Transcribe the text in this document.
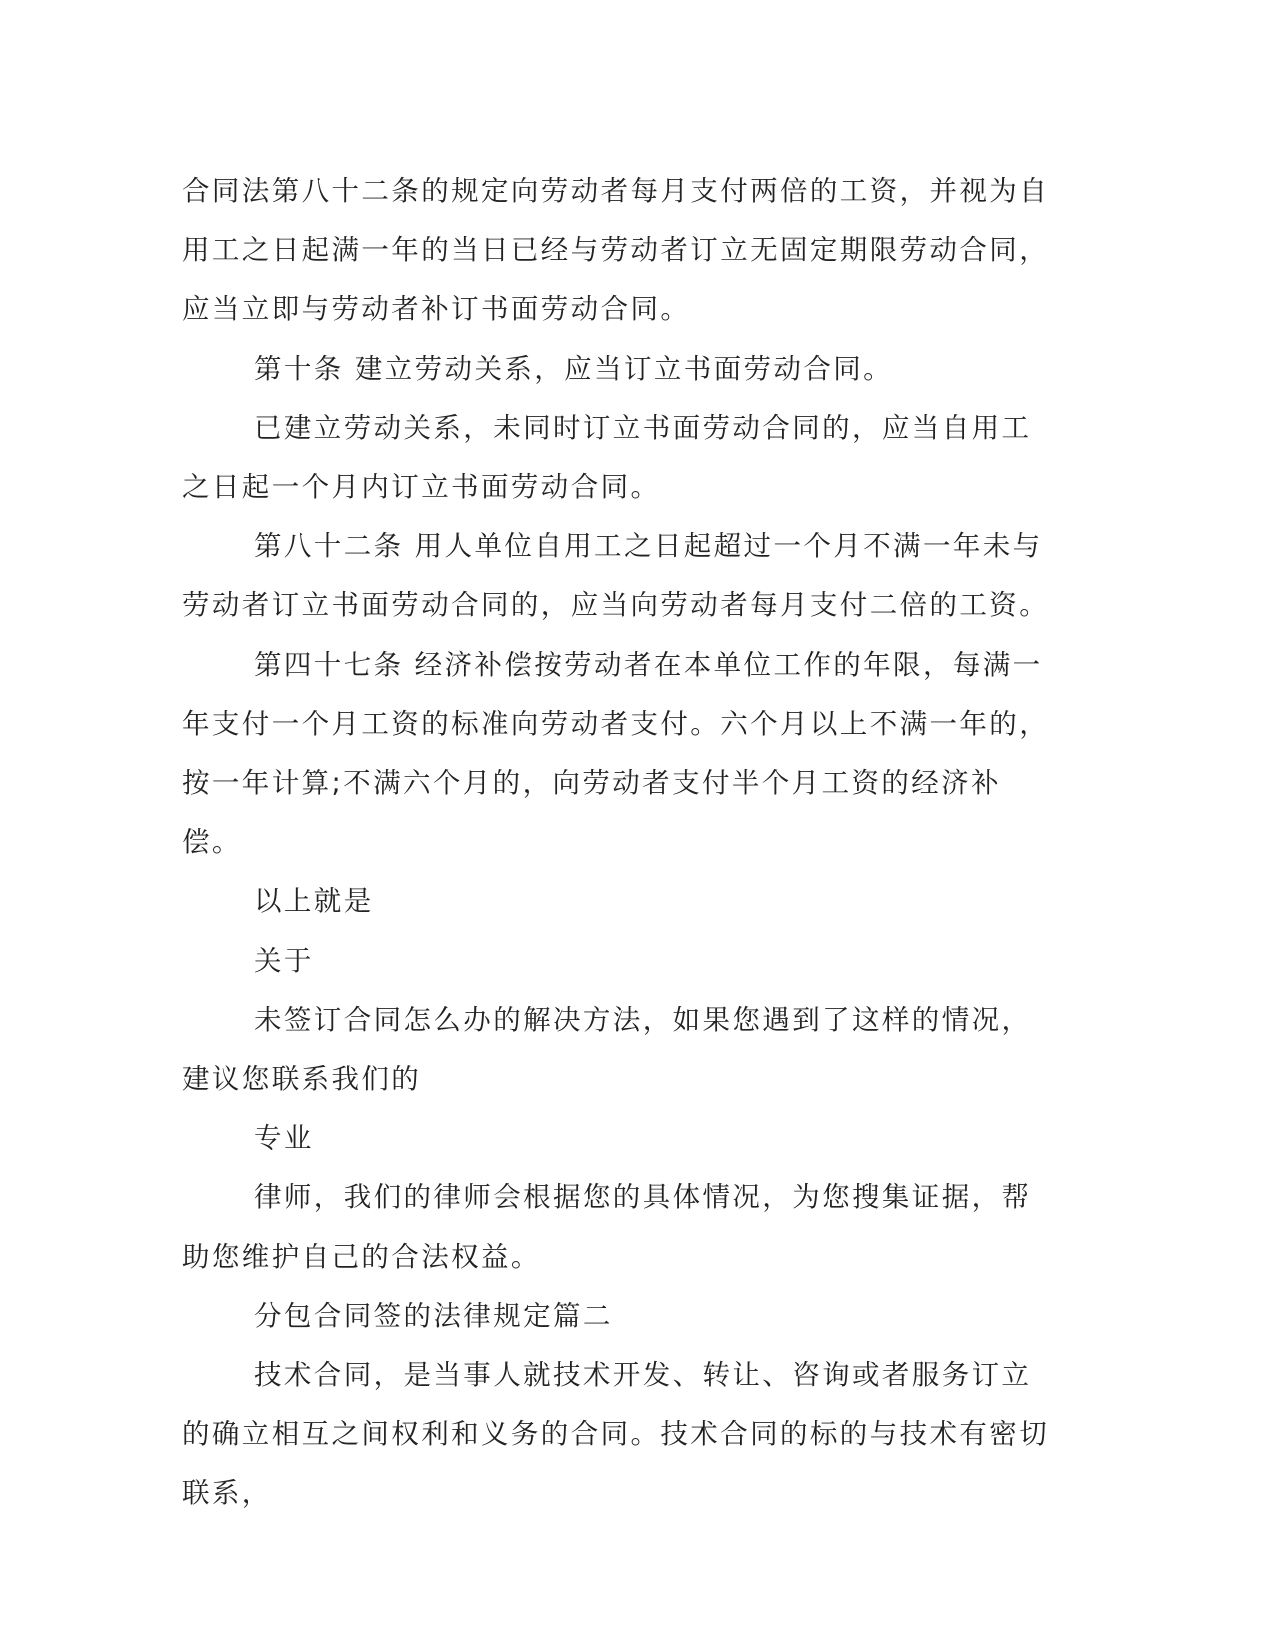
合同法第八十二条的规定向劳动者每月支付两倍的工资，并视为自用工之日起满一年的当日已经与劳动者订立无固定期限劳动合同，应当立即与劳动者补订书面劳动合同。

第十条 建立劳动关系，应当订立书面劳动合同。

已建立劳动关系，未同时订立书面劳动合同的，应当自用工之日起一个月内订立书面劳动合同。

第八十二条 用人单位自用工之日起超过一个月不满一年未与劳动者订立书面劳动合同的，应当向劳动者每月支付二倍的工资。

第四十七条 经济补偿按劳动者在本单位工作的年限，每满一年支付一个月工资的标准向劳动者支付。六个月以上不满一年的，按一年计算;不满六个月的，向劳动者支付半个月工资的经济补偿。

以上就是

关于

未签订合同怎么办的解决方法，如果您遇到了这样的情况，建议您联系我们的

专业

律师，我们的律师会根据您的具体情况，为您搜集证据，帮助您维护自己的合法权益。

分包合同签的法律规定篇二

技术合同，是当事人就技术开发、转让、咨询或者服务订立的确立相互之间权利和义务的合同。技术合同的标的与技术有密切联系，
